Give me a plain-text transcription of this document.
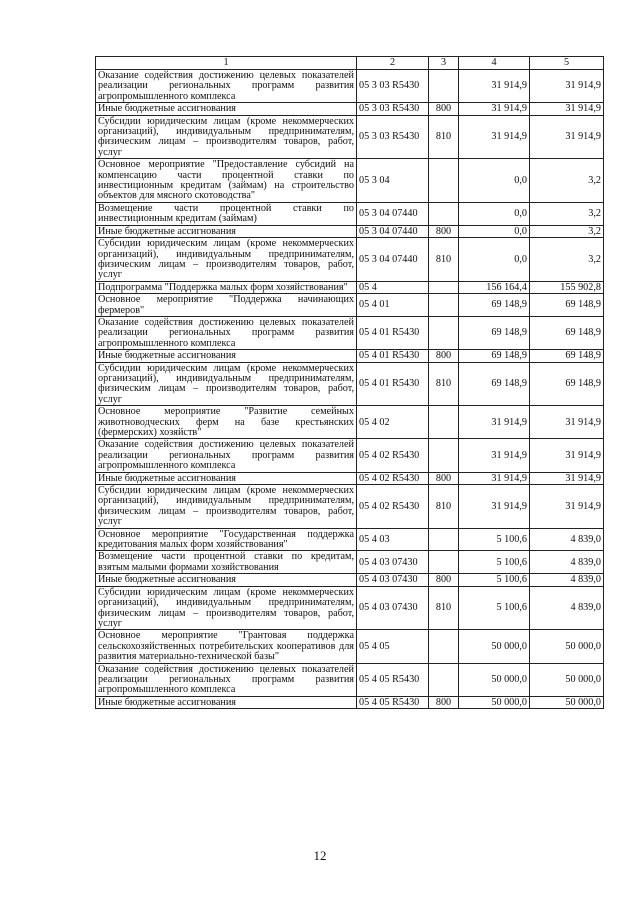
1	2	3	4	5
Оказание содействия достижению целевых показателей реализации региональных программ развития агропромышленного комплекса	05 3 03 R5430		31 914,9	31 914,9
Иные бюджетные ассигнования	05 3 03 R5430	800	31 914,9	31 914,9
Субсидии юридическим лицам (кроме некоммерческих организаций), индивидуальным предпринимателям, физическим лицам – производителям товаров, работ, услуг	05 3 03 R5430	810	31 914,9	31 914,9
Основное мероприятие "Предоставление субсидий на компенсацию части процентной ставки по инвестиционным кредитам (займам) на строительство объектов для мясного скотоводства"	05 3 04		0,0	3,2
Возмещение части процентной ставки по инвестиционным кредитам (займам)	05 3 04 07440		0,0	3,2
Иные бюджетные ассигнования	05 3 04 07440	800	0,0	3,2
Субсидии юридическим лицам (кроме некоммерческих организаций), индивидуальным предпринимателям, физическим лицам – производителям товаров, работ, услуг	05 3 04 07440	810	0,0	3,2
Подпрограмма "Поддержка малых форм хозяйствования"	05 4		156 164,4	155 902,8
Основное мероприятие "Поддержка начинающих фермеров"	05 4 01		69 148,9	69 148,9
Оказание содействия достижению целевых показателей реализации региональных программ развития агропромышленного комплекса	05 4 01 R5430		69 148,9	69 148,9
Иные бюджетные ассигнования	05 4 01 R5430	800	69 148,9	69 148,9
Субсидии юридическим лицам (кроме некоммерческих организаций), индивидуальным предпринимателям, физическим лицам – производителям товаров, работ, услуг	05 4 01 R5430	810	69 148,9	69 148,9
Основное мероприятие "Развитие семейных животноводческих ферм на базе крестьянских (фермерских) хозяйств"	05 4 02		31 914,9	31 914,9
Оказание содействия достижению целевых показателей реализации региональных программ развития агропромышленного комплекса	05 4 02 R5430		31 914,9	31 914,9
Иные бюджетные ассигнования	05 4 02 R5430	800	31 914,9	31 914,9
Субсидии юридическим лицам (кроме некоммерческих организаций), индивидуальным предпринимателям, физическим лицам – производителям товаров, работ, услуг	05 4 02 R5430	810	31 914,9	31 914,9
Основное мероприятие "Государственная поддержка кредитования малых форм хозяйствования"	05 4 03		5 100,6	4 839,0
Возмещение части процентной ставки по кредитам, взятым малыми формами хозяйствования	05 4 03 07430		5 100,6	4 839,0
Иные бюджетные ассигнования	05 4 03 07430	800	5 100,6	4 839,0
Субсидии юридическим лицам (кроме некоммерческих организаций), индивидуальным предпринимателям, физическим лицам – производителям товаров, работ, услуг	05 4 03 07430	810	5 100,6	4 839,0
Основное мероприятие "Грантовая поддержка сельскохозяйственных потребительских кооперативов для развития материально-технической базы"	05 4 05		50 000,0	50 000,0
Оказание содействия достижению целевых показателей реализации региональных программ развития агропромышленного комплекса	05 4 05 R5430		50 000,0	50 000,0
Иные бюджетные ассигнования	05 4 05 R5430	800	50 000,0	50 000,0
12
